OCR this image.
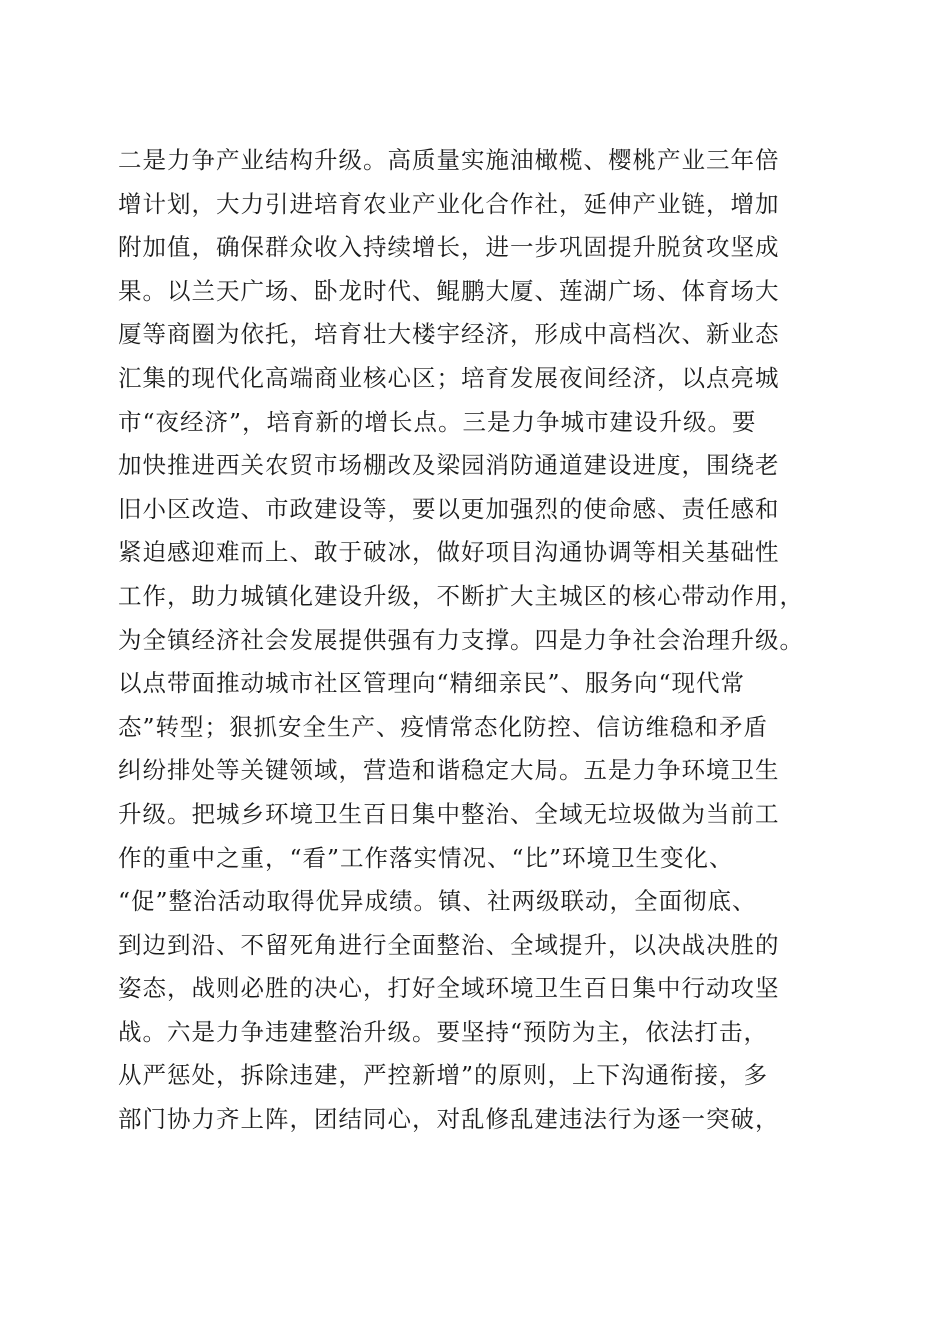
二是力争产业结构升级。高质量实施油橄榄、樱桃产业三年倍
增计划，大力引进培育农业产业化合作社，延伸产业链，增加
附加值，确保群众收入持续增长，进一步巩固提升脱贫攻坚成
果。以兰天广场、卧龙时代、鲲鹏大厦、莲湖广场、体育场大
厦等商圈为依托，培育壮大楼宇经济，形成中高档次、新业态
汇集的现代化高端商业核心区；培育发展夜间经济，以点亮城
市“夜经济”，培育新的增长点。三是力争城市建设升级。要
加快推进西关农贸市场棚改及梁园消防通道建设进度，围绕老
旧小区改造、市政建设等，要以更加强烈的使命感、责任感和
紧迫感迎难而上、敢于破冰，做好项目沟通协调等相关基础性
工作，助力城镇化建设升级，不断扩大主城区的核心带动作用，
为全镇经济社会发展提供强有力支撑。四是力争社会治理升级。
以点带面推动城市社区管理向“精细亲民”、服务向“现代常
态”转型；狠抓安全生产、疫情常态化防控、信访维稳和矛盾
纠纷排处等关键领域，营造和谐稳定大局。五是力争环境卫生
升级。把城乡环境卫生百日集中整治、全域无垃圾做为当前工
作的重中之重，“看”工作落实情况、“比”环境卫生变化、
“促”整治活动取得优异成绩。镇、社两级联动，全面彻底、
到边到沿、不留死角进行全面整治、全域提升，以决战决胜的
姿态，战则必胜的决心，打好全域环境卫生百日集中行动攻坚
战。六是力争违建整治升级。要坚持“预防为主，依法打击，
从严惩处，拆除违建，严控新增”的原则，上下沟通衔接，多
部门协力齐上阵，团结同心，对乱修乱建违法行为逐一突破，
